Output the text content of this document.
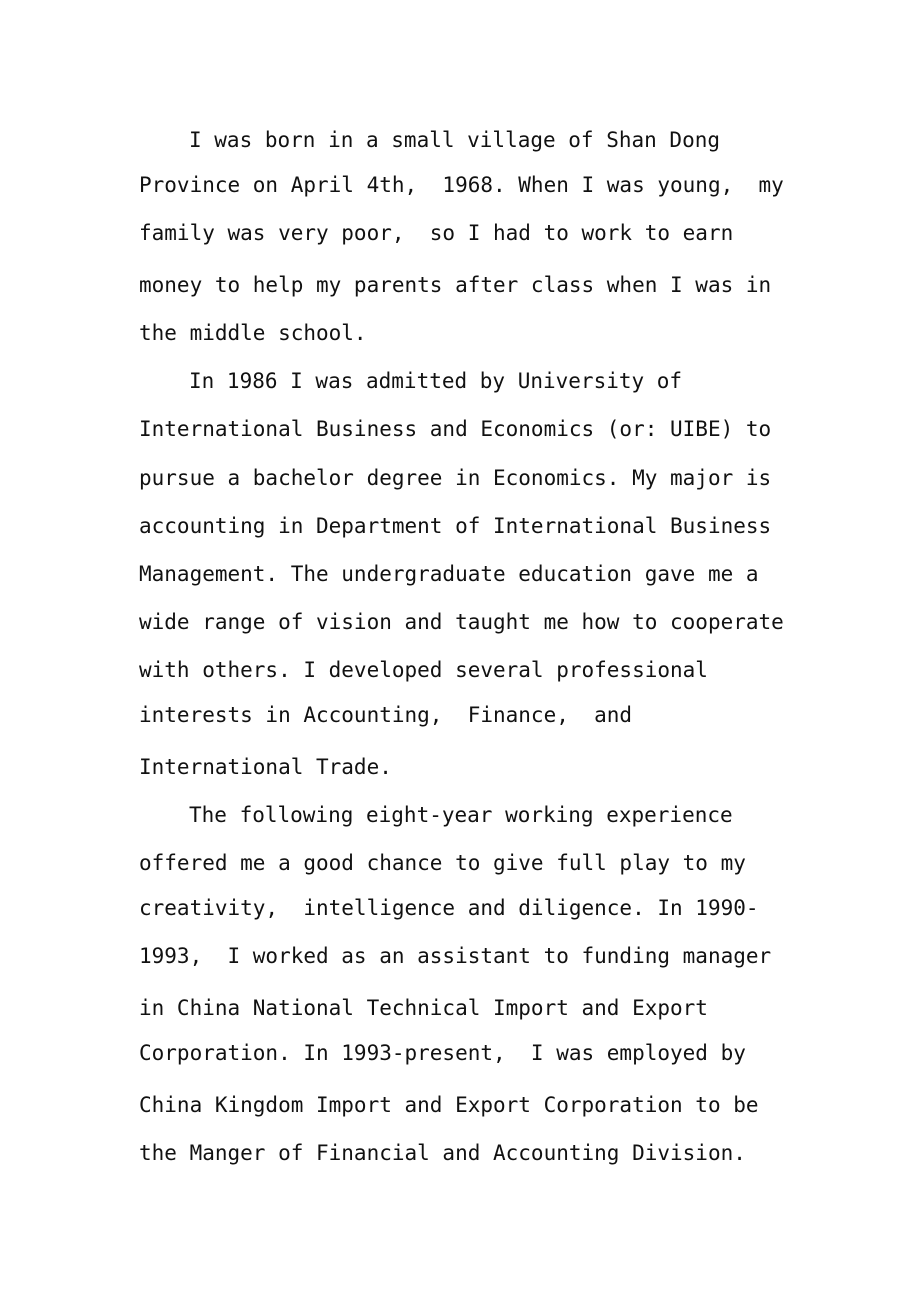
I was born in a small village of Shan Dong
Province on April 4th,  1968. When I was young,  my
family was very poor,  so I had to work to earn
money to help my parents after class when I was in
the middle school.
In 1986 I was admitted by University of
International Business and Economics (or: UIBE) to
pursue a bachelor degree in Economics. My major is
accounting in Department of International Business
Management. The undergraduate education gave me a
wide range of vision and taught me how to cooperate
with others. I developed several professional
interests in Accounting,  Finance,  and
International Trade.
The following eight-year working experience
offered me a good chance to give full play to my
creativity,  intelligence and diligence. In 1990-
1993,  I worked as an assistant to funding manager
in China National Technical Import and Export
Corporation. In 1993-present,  I was employed by
China Kingdom Import and Export Corporation to be
the Manger of Financial and Accounting Division.
